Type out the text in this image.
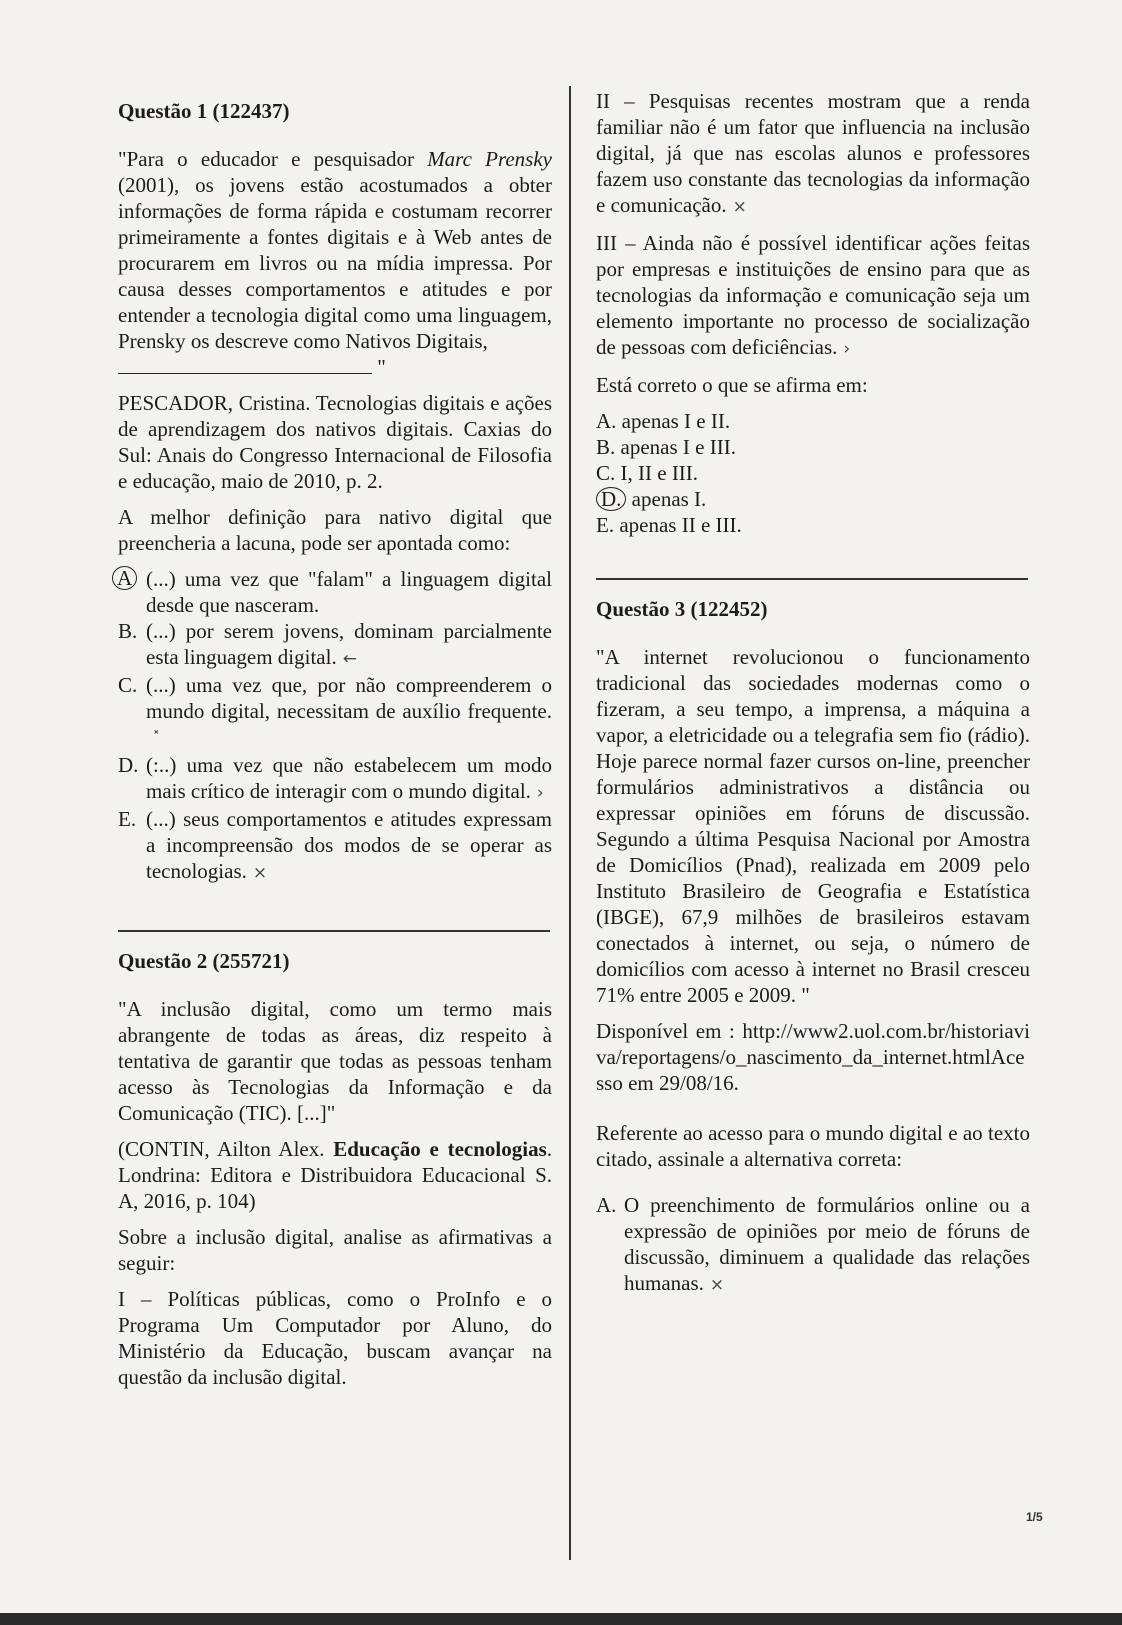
Questão 1 (122437)

"Para o educador e pesquisador Marc Prensky (2001), os jovens estão acostumados a obter informações de forma rápida e costumam recorrer primeiramente a fontes digitais e à Web antes de procurarem em livros ou na mídia impressa. Por causa desses comportamentos e atitudes e por entender a tecnologia digital como uma linguagem, Prensky os descreve como Nativos Digitais,
"

PESCADOR, Cristina. Tecnologias digitais e ações de aprendizagem dos nativos digitais. Caxias do Sul: Anais do Congresso Internacional de Filosofia e educação, maio de 2010, p. 2.

A melhor definição para nativo digital que preencheria a lacuna, pode ser apontada como:

A (...) uma vez que "falam" a linguagem digital desde que nasceram.
B. (...) por serem jovens, dominam parcialmente esta linguagem digital. ←
C. (...) uma vez que, por não compreenderem o mundo digital, necessitam de auxílio frequente.˟
D. (:..) uma vez que não estabelecem um modo mais crítico de interagir com o mundo digital. ›
E. (...) seus comportamentos e atitudes expressam a incompreensão dos modos de se operar as tecnologias. ×
Questão 2 (255721)

"A inclusão digital, como um termo mais abrangente de todas as áreas, diz respeito à tentativa de garantir que todas as pessoas tenham acesso às Tecnologias da Informação e da Comunicação (TIC). [...]"

(CONTIN, Ailton Alex. Educação e tecnologias. Londrina: Editora e Distribuidora Educacional S. A, 2016, p. 104)

Sobre a inclusão digital, analise as afirmativas a seguir:

I – Políticas públicas, como o ProInfo e o Programa Um Computador por Aluno, do Ministério da Educação, buscam avançar na questão da inclusão digital.

II – Pesquisas recentes mostram que a renda familiar não é um fator que influencia na inclusão digital, já que nas escolas alunos e professores fazem uso constante das tecnologias da informação e comunicação. ×

III – Ainda não é possível identificar ações feitas por empresas e instituições de ensino para que as tecnologias da informação e comunicação seja um elemento importante no processo de socialização de pessoas com deficiências. ›

Está correto o que se afirma em:

A. apenas I e II.
B. apenas I e III.
C. I, II e III.
D. apenas I.
E. apenas II e III.
Questão 3 (122452)

"A internet revolucionou o funcionamento tradicional das sociedades modernas como o fizeram, a seu tempo, a imprensa, a máquina a vapor, a eletricidade ou a telegrafia sem fio (rádio). Hoje parece normal fazer cursos on-line, preencher formulários administrativos a distância ou expressar opiniões em fóruns de discussão. Segundo a última Pesquisa Nacional por Amostra de Domicílios (Pnad), realizada em 2009 pelo Instituto Brasileiro de Geografia e Estatística (IBGE), 67,9 milhões de brasileiros estavam conectados à internet, ou seja, o número de domicílios com acesso à internet no Brasil cresceu 71% entre 2005 e 2009. "

Disponível em : http://www2.uol.com.br/historiaviva/reportagens/o_nascimento_da_internet.htmlAcesso em 29/08/16.

Referente ao acesso para o mundo digital e ao texto citado, assinale a alternativa correta:

A. O preenchimento de formulários online ou a expressão de opiniões por meio de fóruns de discussão, diminuem a qualidade das relações humanas. ×
1/5
